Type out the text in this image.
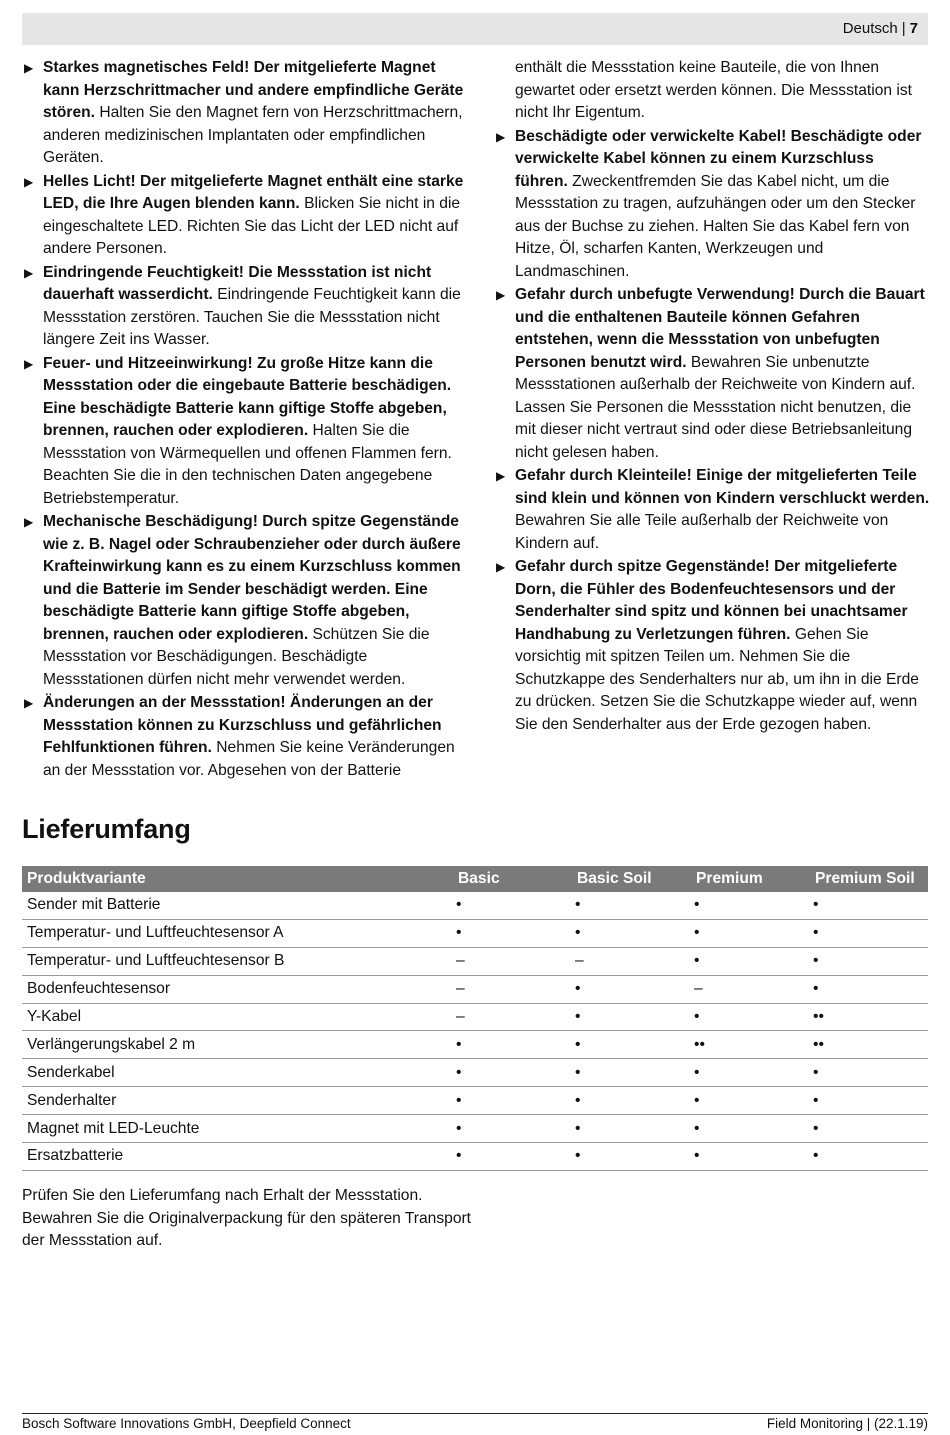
Deutsch | 7
▶ Starkes magnetisches Feld! Der mitgelieferte Magnet kann Herzschrittmacher und andere empfindliche Geräte stören. Halten Sie den Magnet fern von Herzschrittmachern, anderen medizinischen Implantaten oder empfindlichen Geräten.
▶ Helles Licht! Der mitgelieferte Magnet enthält eine starke LED, die Ihre Augen blenden kann. Blicken Sie nicht in die eingeschaltete LED. Richten Sie das Licht der LED nicht auf andere Personen.
▶ Eindringende Feuchtigkeit! Die Messstation ist nicht dauerhaft wasserdicht. Eindringende Feuchtigkeit kann die Messstation zerstören. Tauchen Sie die Messstation nicht längere Zeit ins Wasser.
▶ Feuer- und Hitzeeinwirkung! Zu große Hitze kann die Messstation oder die eingebaute Batterie beschädigen. Eine beschädigte Batterie kann giftige Stoffe abgeben, brennen, rauchen oder explodieren. Halten Sie die Messstation von Wärmequellen und offenen Flammen fern. Beachten Sie die in den technischen Daten angegebene Betriebstemperatur.
▶ Mechanische Beschädigung! Durch spitze Gegenstände wie z. B. Nagel oder Schraubenzieher oder durch äußere Krafteinwirkung kann es zu einem Kurzschluss kommen und die Batterie im Sender beschädigt werden. Eine beschädigte Batterie kann giftige Stoffe abgeben, brennen, rauchen oder explodieren. Schützen Sie die Messstation vor Beschädigungen. Beschädigte Messstationen dürfen nicht mehr verwendet werden.
▶ Änderungen an der Messstation! Änderungen an der Messstation können zu Kurzschluss und gefährlichen Fehlfunktionen führen. Nehmen Sie keine Veränderungen an der Messstation vor. Abgesehen von der Batterie
enthält die Messstation keine Bauteile, die von Ihnen gewartet oder ersetzt werden können. Die Messstation ist nicht Ihr Eigentum.
▶ Beschädigte oder verwickelte Kabel! Beschädigte oder verwickelte Kabel können zu einem Kurzschluss führen. Zweckentfremden Sie das Kabel nicht, um die Messstation zu tragen, aufzuhängen oder um den Stecker aus der Buchse zu ziehen. Halten Sie das Kabel fern von Hitze, Öl, scharfen Kanten, Werkzeugen und Landmaschinen.
▶ Gefahr durch unbefugte Verwendung! Durch die Bauart und die enthaltenen Bauteile können Gefahren entstehen, wenn die Messstation von unbefugten Personen benutzt wird. Bewahren Sie unbenutzte Messstationen außerhalb der Reichweite von Kindern auf. Lassen Sie Personen die Messstation nicht benutzen, die mit dieser nicht vertraut sind oder diese Betriebsanleitung nicht gelesen haben.
▶ Gefahr durch Kleinteile! Einige der mitgelieferten Teile sind klein und können von Kindern verschluckt werden. Bewahren Sie alle Teile außerhalb der Reichweite von Kindern auf.
▶ Gefahr durch spitze Gegenstände! Der mitgelieferte Dorn, die Fühler des Bodenfeuchtesensors und der Senderhalter sind spitz und können bei unachtsamer Handhabung zu Verletzungen führen. Gehen Sie vorsichtig mit spitzen Teilen um. Nehmen Sie die Schutzkappe des Senderhalters nur ab, um ihn in die Erde zu drücken. Setzen Sie die Schutzkappe wieder auf, wenn Sie den Senderhalter aus der Erde gezogen haben.
Lieferumfang
Produktvariante	Basic	Basic Soil	Premium	Premium Soil
Sender mit Batterie	•	•	•	•
Temperatur- und Luftfeuchtesensor A	•	•	•	•
Temperatur- und Luftfeuchtesensor B	–	–	•	•
Bodenfeuchtesensor	–	•	–	•
Y-Kabel	–	•	•	••
Verlängerungskabel 2 m	•	•	••	••
Senderkabel	•	•	•	•
Senderhalter	•	•	•	•
Magnet mit LED-Leuchte	•	•	•	•
Ersatzbatterie	•	•	•	•
Prüfen Sie den Lieferumfang nach Erhalt der Messstation. Bewahren Sie die Originalverpackung für den späteren Transport der Messstation auf.
Bosch Software Innovations GmbH, Deepfield Connect	Field Monitoring | (22.1.19)
